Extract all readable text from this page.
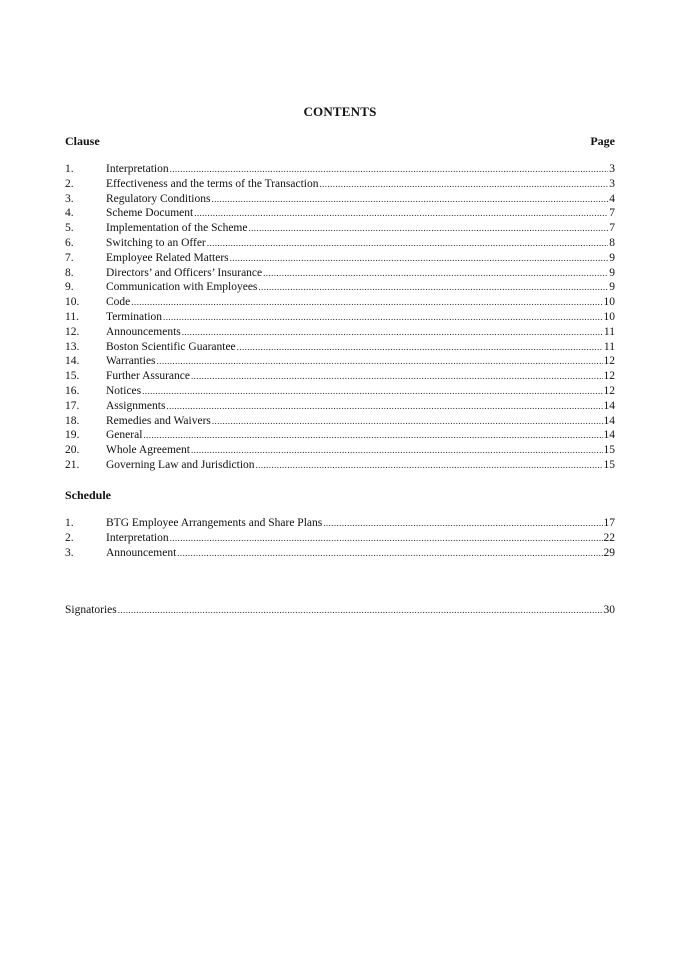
CONTENTS
Clause	Page
1.	Interpretation .....	3
2.	Effectiveness and the terms of the Transaction .....	3
3.	Regulatory Conditions .....	4
4.	Scheme Document .....	7
5.	Implementation of the Scheme .....	7
6.	Switching to an Offer .....	8
7.	Employee Related Matters .....	9
8.	Directors’ and Officers’ Insurance .....	9
9.	Communication with Employees .....	9
10.	Code .....	10
11.	Termination .....	10
12.	Announcements .....	11
13.	Boston Scientific Guarantee .....	11
14.	Warranties .....	12
15.	Further Assurance .....	12
16.	Notices .....	12
17.	Assignments .....	14
18.	Remedies and Waivers .....	14
19.	General .....	14
20.	Whole Agreement .....	15
21.	Governing Law and Jurisdiction .....	15
Schedule
1.	BTG Employee Arrangements and Share Plans .....	17
2.	Interpretation .....	22
3.	Announcement .....	29
Signatories .....	30
